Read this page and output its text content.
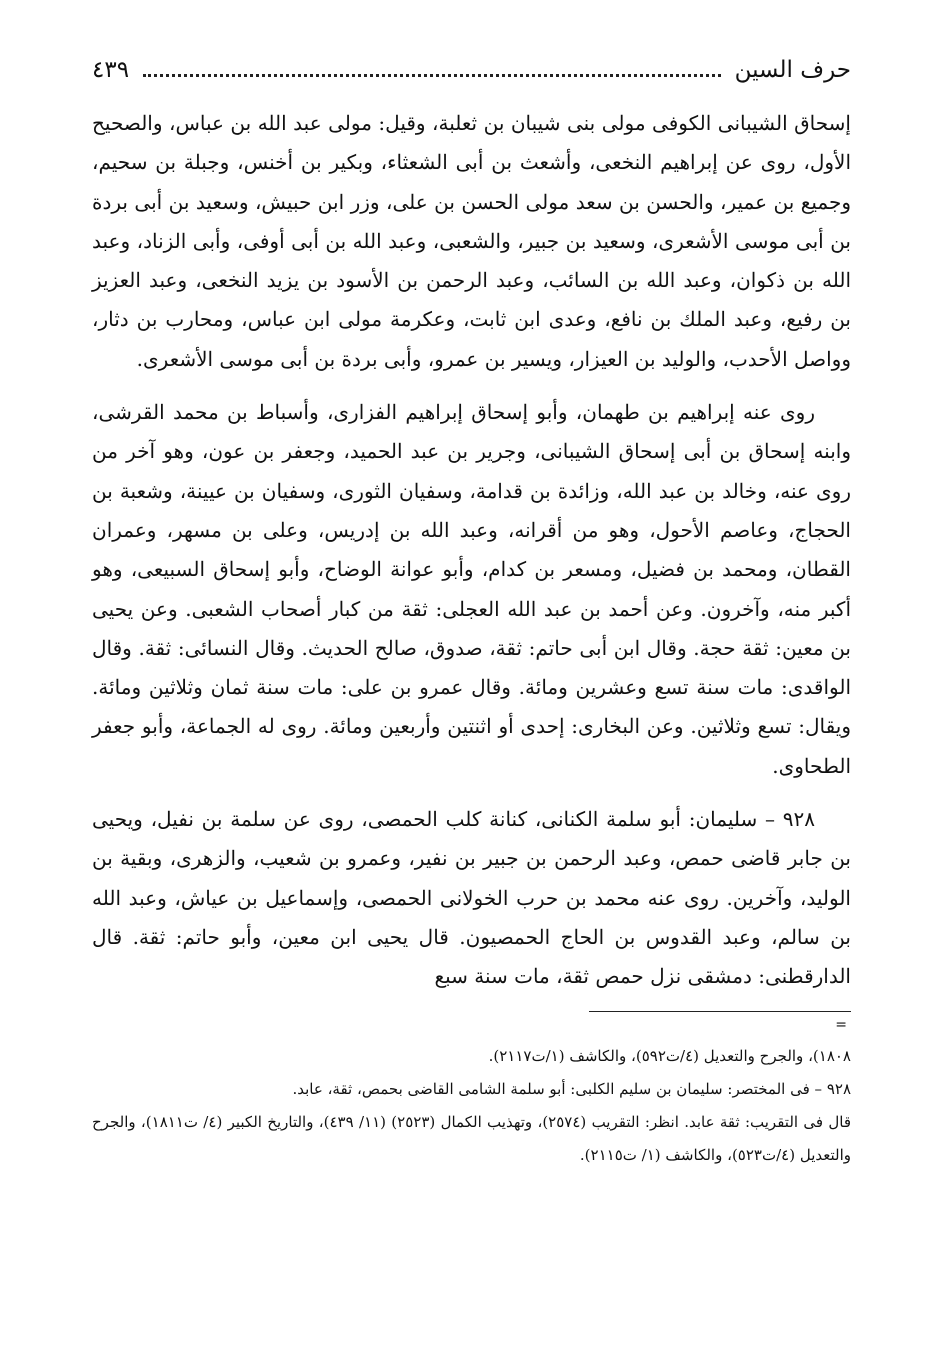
حرف السين
٤٣٩

إسحاق الشيبانى الكوفى مولى بنى شيبان بن ثعلبة، وقيل: مولى عبد الله بن عباس، والصحيح الأول، روى عن إبراهيم النخعى، وأشعث بن أبى الشعثاء، وبكير بن أخنس، وجبلة بن سحيم، وجميع بن عمير، والحسن بن سعد مولى الحسن بن على، وزر ابن حبيش، وسعيد بن أبى بردة بن أبى موسى الأشعرى، وسعيد بن جبير، والشعبى، وعبد الله بن أبى أوفى، وأبى الزناد، وعبد الله بن ذكوان، وعبد الله بن السائب، وعبد الرحمن بن الأسود بن يزيد النخعى، وعبد العزيز بن رفيع، وعبد الملك بن نافع، وعدى ابن ثابت، وعكرمة مولى ابن عباس، ومحارب بن دثار، وواصل الأحدب، والوليد بن العيزار، ويسير بن عمرو، وأبى بردة بن أبى موسى الأشعرى.

روى عنه إبراهيم بن طهمان، وأبو إسحاق إبراهيم الفزارى، وأسباط بن محمد القرشى، وابنه إسحاق بن أبى إسحاق الشيبانى، وجرير بن عبد الحميد، وجعفر بن عون، وهو آخر من روى عنه، وخالد بن عبد الله، وزائدة بن قدامة، وسفيان الثورى، وسفيان بن عيينة، وشعبة بن الحجاج، وعاصم الأحول، وهو من أقرانه، وعبد الله بن إدريس، وعلى بن مسهر، وعمران القطان، ومحمد بن فضيل، ومسعر بن كدام، وأبو عوانة الوضاح، وأبو إسحاق السبيعى، وهو أكبر منه، وآخرون. وعن أحمد بن عبد الله العجلى: ثقة من كبار أصحاب الشعبى. وعن يحيى بن معين: ثقة حجة. وقال ابن أبى حاتم: ثقة، صدوق، صالح الحديث. وقال النسائى: ثقة. وقال الواقدى: مات سنة تسع وعشرين ومائة. وقال عمرو بن على: مات سنة ثمان وثلاثين ومائة. ويقال: تسع وثلاثين. وعن البخارى: إحدى أو اثنتين وأربعين ومائة. روى له الجماعة، وأبو جعفر الطحاوى.

٩٢٨ – سليمان: أبو سلمة الكنانى، كنانة كلب الحمصى، روى عن سلمة بن نفيل، ويحيى بن جابر قاضى حمص، وعبد الرحمن بن جبير بن نفير، وعمرو بن شعيب، والزهرى، وبقية بن الوليد، وآخرين. روى عنه محمد بن حرب الخولانى الحمصى، وإسماعيل بن عياش، وعبد الله بن سالم، وعبد القدوس بن الحاج الحمصيون. قال يحيى ابن معين، وأبو حاتم: ثقة. قال الدارقطنى: دمشقى نزل حمص ثقة، مات سنة سبع

=

١٨٠٨)، والجرح والتعديل (٤/ت٥٩٢)، والكاشف (١/ت٢١١٧).

٩٢٨ – فى المختصر: سليمان بن سليم الكلبى: أبو سلمة الشامى القاضى بحمص، ثقة، عابد.

قال فى التقريب: ثقة عابد. انظر: التقريب (٢٥٧٤)، وتهذيب الكمال (٢٥٢٣) (١١/ ٤٣٩)، والتاريخ الكبير (٤/ ت١٨١١)، والجرح والتعديل (٤/ت٥٢٣)، والكاشف (١/ ت٢١١٥).
